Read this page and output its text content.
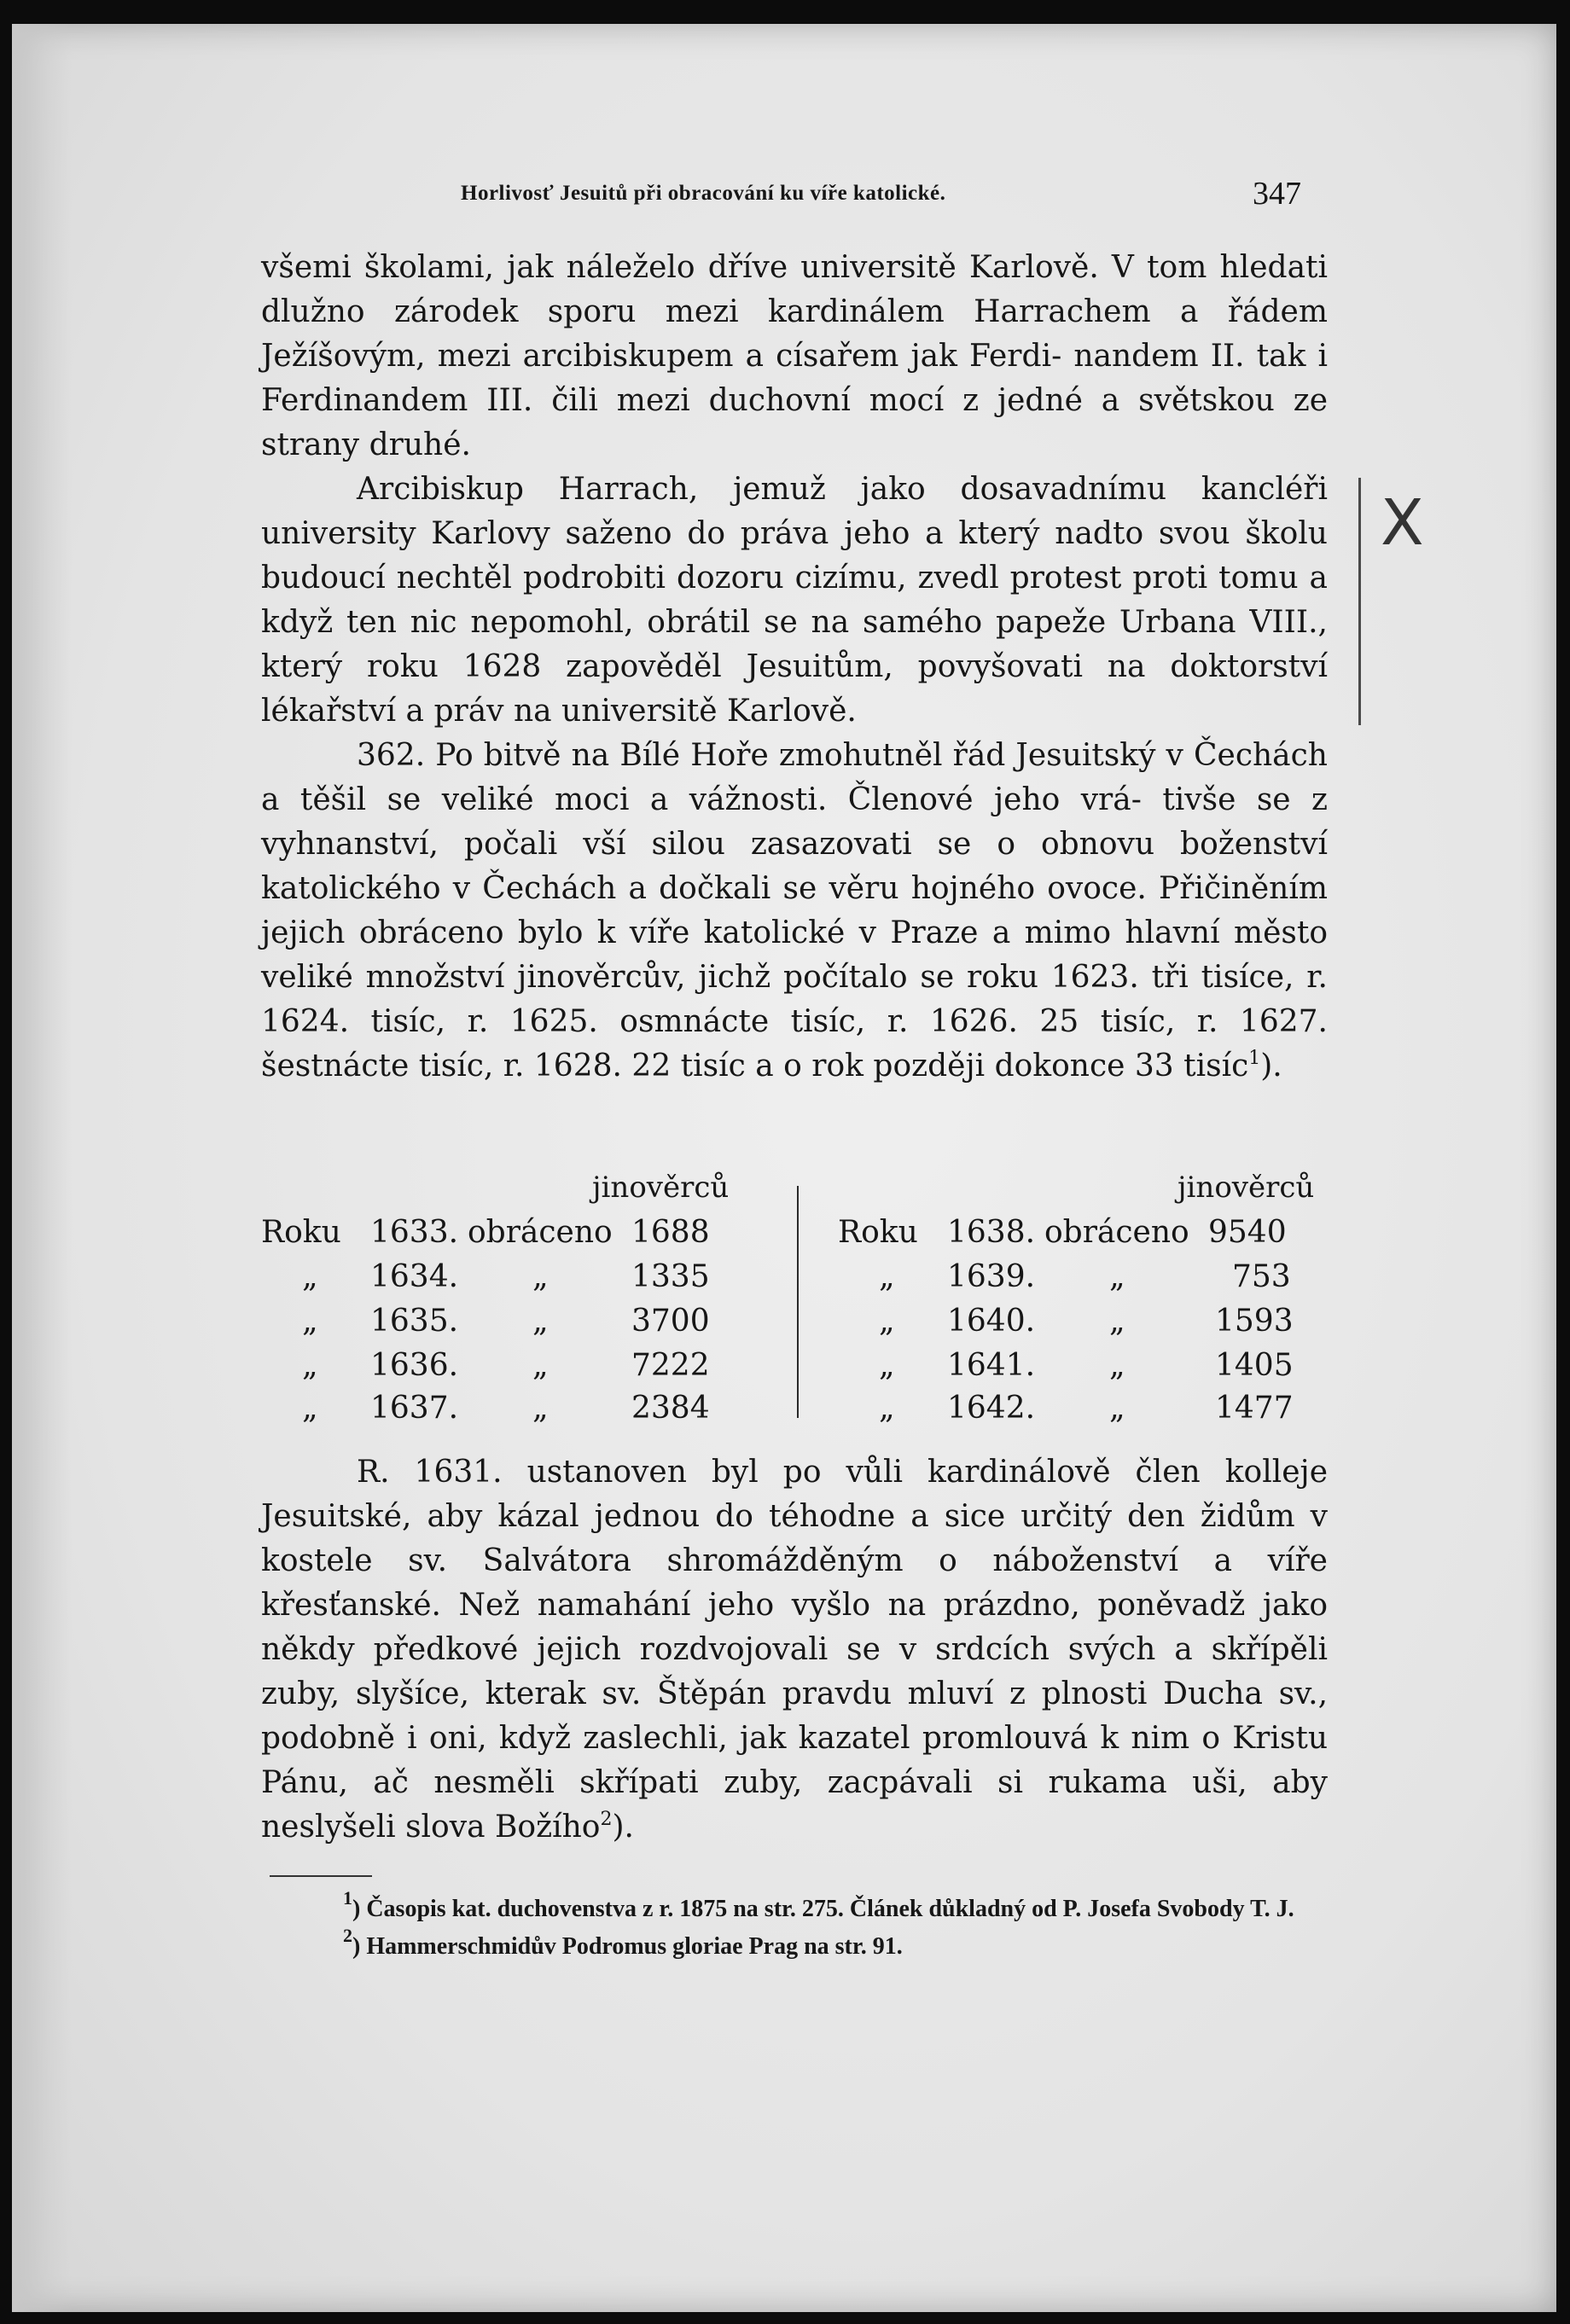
Horlivosť Jesuitů při obracování ku víře katolické.	347

všemi školami, jak náleželo dříve universitě Karlově. V tom hledati dlužno zárodek sporu mezi kardinálem Harrachem a řádem Ježíšovým, mezi arcibiskupem a císařem jak Ferdi- nandem II. tak i Ferdinandem III. čili mezi duchovní mocí z jedné a světskou ze strany druhé.

Arcibiskup Harrach, jemuž jako dosavadnímu kancléři university Karlovy saženo do práva jeho a který nadto svou školu budoucí nechtěl podrobiti dozoru cizímu, zvedl protest proti tomu a když ten nic nepomohl, obrátil se na samého papeže Urbana VIII., který roku 1628 zapověděl Jesuitům, povyšovati na doktorství lékařství a práv na universitě Karlově.

362. Po bitvě na Bílé Hoře zmohutněl řád Jesuitský v Čechách a těšil se veliké moci a vážnosti. Členové jeho vrá- tivše se z vyhnanství, počali vší silou zasazovati se o obnovu boženství katolického v Čechách a dočkali se věru hojného ovoce. Přičiněním jejich obráceno bylo k víře katolické v Praze a mimo hlavní město veliké množství jinověrcův, jichž počítalo se roku 1623. tři tisíce, r. 1624. tisíc, r. 1625. osmnácte tisíc, r. 1626. 25 tisíc, r. 1627. šestnácte tisíc, r. 1628. 22 tisíc a o rok později dokonce 33 tisíc$^1$).

jinověrců
Roku 1633. obráceno 1688
„ 1634. „	1335
„ 1635. „	3700
„ 1636. „	7222
„ 1637. „	2384
jinověrců
Roku 1638. obráceno 9540
„ 1639. „	753
„ 1640. „	1593
„ 1641. „	1405
„ 1642. „	1477

R. 1631. ustanoven byl po vůli kardinálově člen kolleje Jesuitské, aby kázal jednou do téhodne a sice určitý den židům v kostele sv. Salvátora shromážděným o náboženství a víře křesťanské. Než namahání jeho vyšlo na prázdno, poněvadž jako někdy předkové jejich rozdvojovali se v srdcích svých a skřípěli zuby, slyšíce, kterak sv. Štěpán pravdu mluví z plnosti Ducha sv., podobně i oni, když zaslechli, jak kazatel promlouvá k nim o Kristu Pánu, ač nesměli skřípati zuby, zacpávali si rukama uši, aby neslyšeli slova Božího$^2$).

$^1$) Časopis kat. duchovenstva z r. 1875 na str. 275. Článek důkladný od P. Josefa Svobody T. J.

$^2$) Hammerschmidův Podromus gloriae Prag na str. 91.

X
